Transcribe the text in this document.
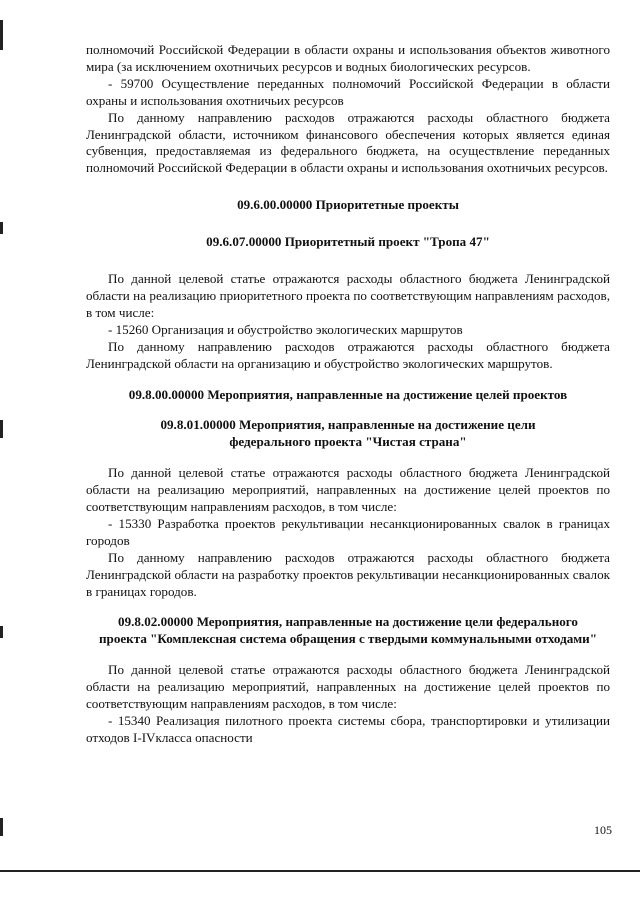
полномочий Российской Федерации в области охраны и использования объектов животного мира (за исключением охотничьих ресурсов и водных биологических ресурсов.

- 59700 Осуществление переданных полномочий Российской Федерации в области охраны и использования охотничьих ресурсов

По данному направлению расходов отражаются расходы областного бюджета Ленинградской области, источником финансового обеспечения которых является единая субвенция, предоставляемая из федерального бюджета, на осуществление переданных полномочий Российской Федерации в области охраны и использования охотничьих ресурсов.

09.6.00.00000 Приоритетные проекты

09.6.07.00000 Приоритетный проект "Тропа 47"

По данной целевой статье отражаются расходы областного бюджета Ленинградской области на реализацию приоритетного проекта по соответствующим направлениям расходов, в том числе:

- 15260 Организация и обустройство экологических маршрутов

По данному направлению расходов отражаются расходы областного бюджета Ленинградской области на организацию и обустройство экологических маршрутов.

09.8.00.00000 Мероприятия, направленные на достижение целей проектов

09.8.01.00000 Мероприятия, направленные на достижение цели федерального проекта "Чистая страна"

По данной целевой статье отражаются расходы областного бюджета Ленинградской области на реализацию мероприятий, направленных на достижение целей проектов по соответствующим направлениям расходов, в том числе:

- 15330 Разработка проектов рекультивации несанкционированных свалок в границах городов

По данному направлению расходов отражаются расходы областного бюджета Ленинградской области на разработку проектов рекультивации несанкционированных свалок в границах городов.

09.8.02.00000 Мероприятия, направленные на достижение цели федерального проекта "Комплексная система обращения с твердыми коммунальными отходами"

По данной целевой статье отражаются расходы областного бюджета Ленинградской области на реализацию мероприятий, направленных на достижение целей проектов по соответствующим направлениям расходов, в том числе:

- 15340 Реализация пилотного проекта системы сбора, транспортировки и утилизации отходов I-IVкласса опасности

105
